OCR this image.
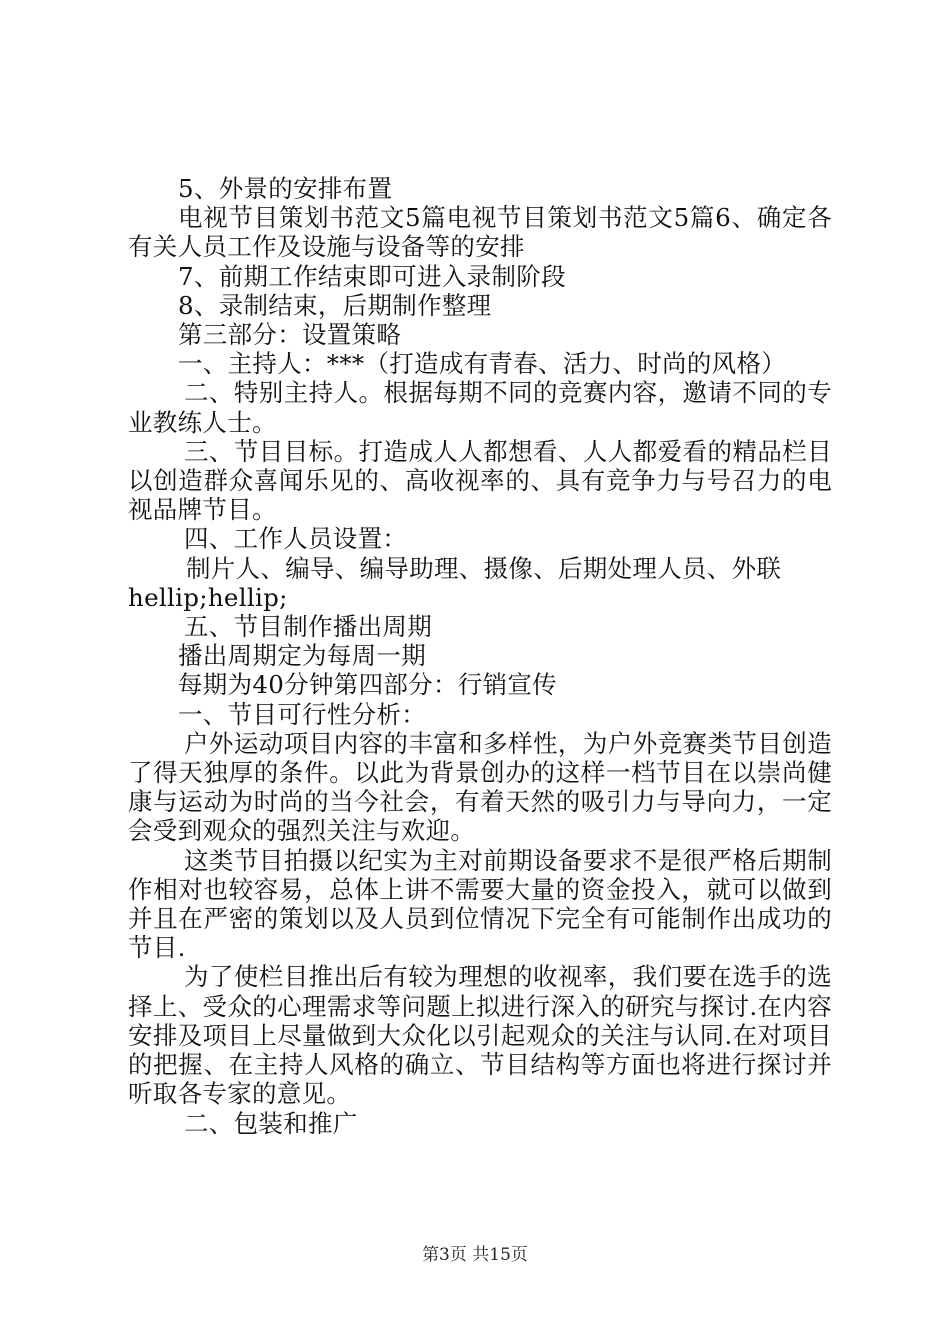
5、外景的安排布置

电视节目策划书范文5篇电视节目策划书范文5篇6、确定各有关人员工作及设施与设备等的安排

7、前期工作结束即可进入录制阶段

8、录制结束，后期制作整理

第三部分：设置策略

一、主持人：***（打造成有青春、活力、时尚的风格）

二、特别主持人。根据每期不同的竞赛内容，邀请不同的专业教练人士。

三、节目目标。打造成人人都想看、人人都爱看的精品栏目以创造群众喜闻乐见的、高收视率的、具有竞争力与号召力的电视品牌节目。

四、工作人员设置：

制片人、编导、编导助理、摄像、后期处理人员、外联

hellip;hellip;

五、节目制作播出周期

播出周期定为每周一期

每期为40分钟第四部分：行销宣传

一、节目可行性分析：

户外运动项目内容的丰富和多样性，为户外竞赛类节目创造了得天独厚的条件。以此为背景创办的这样一档节目在以崇尚健康与运动为时尚的当今社会，有着天然的吸引力与导向力，一定会受到观众的强烈关注与欢迎。

这类节目拍摄以纪实为主对前期设备要求不是很严格后期制作相对也较容易，总体上讲不需要大量的资金投入，就可以做到并且在严密的策划以及人员到位情况下完全有可能制作出成功的节目.

为了使栏目推出后有较为理想的收视率，我们要在选手的选择上、受众的心理需求等问题上拟进行深入的研究与探讨.在内容安排及项目上尽量做到大众化以引起观众的关注与认同.在对项目的把握、在主持人风格的确立、节目结构等方面也将进行探讨并听取各专家的意见。

二、包装和推广

第3页 共15页
